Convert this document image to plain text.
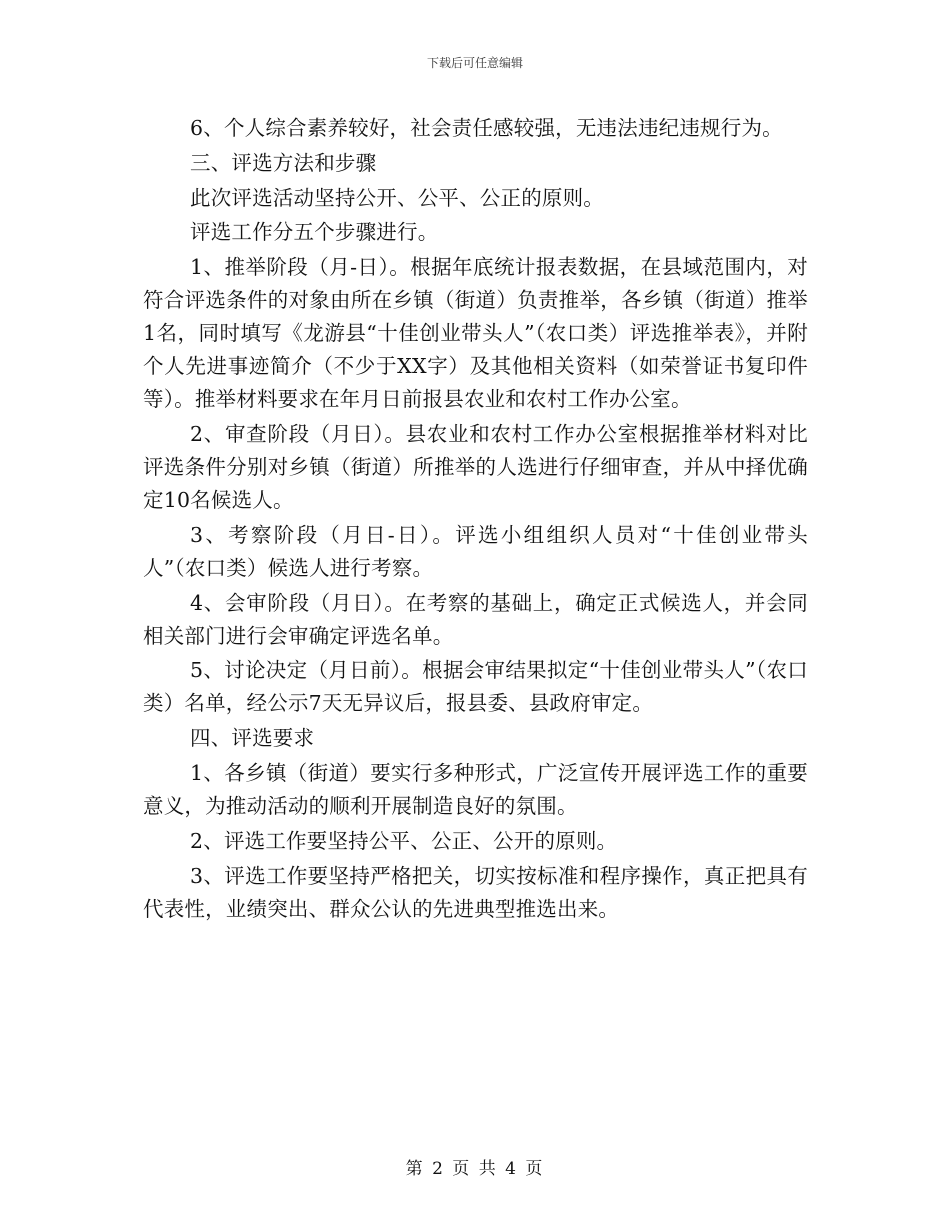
下载后可任意编辑

6、个人综合素养较好，社会责任感较强，无违法违纪违规行为。

三、评选方法和步骤

此次评选活动坚持公开、公平、公正的原则。

评选工作分五个步骤进行。

1、推举阶段（月-日）。根据年底统计报表数据，在县域范围内，对符合评选条件的对象由所在乡镇（街道）负责推举，各乡镇（街道）推举1名，同时填写《龙游县“十佳创业带头人”（农口类）评选推举表》，并附个人先进事迹简介（不少于XX字）及其他相关资料（如荣誉证书复印件等）。推举材料要求在年月日前报县农业和农村工作办公室。

2、审查阶段（月日）。县农业和农村工作办公室根据推举材料对比评选条件分别对乡镇（街道）所推举的人选进行仔细审查，并从中择优确定10名候选人。

3、考察阶段（月日-日）。评选小组组织人员对“十佳创业带头人”（农口类）候选人进行考察。

4、会审阶段（月日）。在考察的基础上，确定正式候选人，并会同相关部门进行会审确定评选名单。

5、讨论决定（月日前）。根据会审结果拟定“十佳创业带头人”（农口类）名单，经公示7天无异议后，报县委、县政府审定。

四、评选要求

1、各乡镇（街道）要实行多种形式，广泛宣传开展评选工作的重要意义，为推动活动的顺利开展制造良好的氛围。

2、评选工作要坚持公平、公正、公开的原则。

3、评选工作要坚持严格把关，切实按标准和程序操作，真正把具有代表性，业绩突出、群众公认的先进典型推选出来。

第 2 页 共 4 页
